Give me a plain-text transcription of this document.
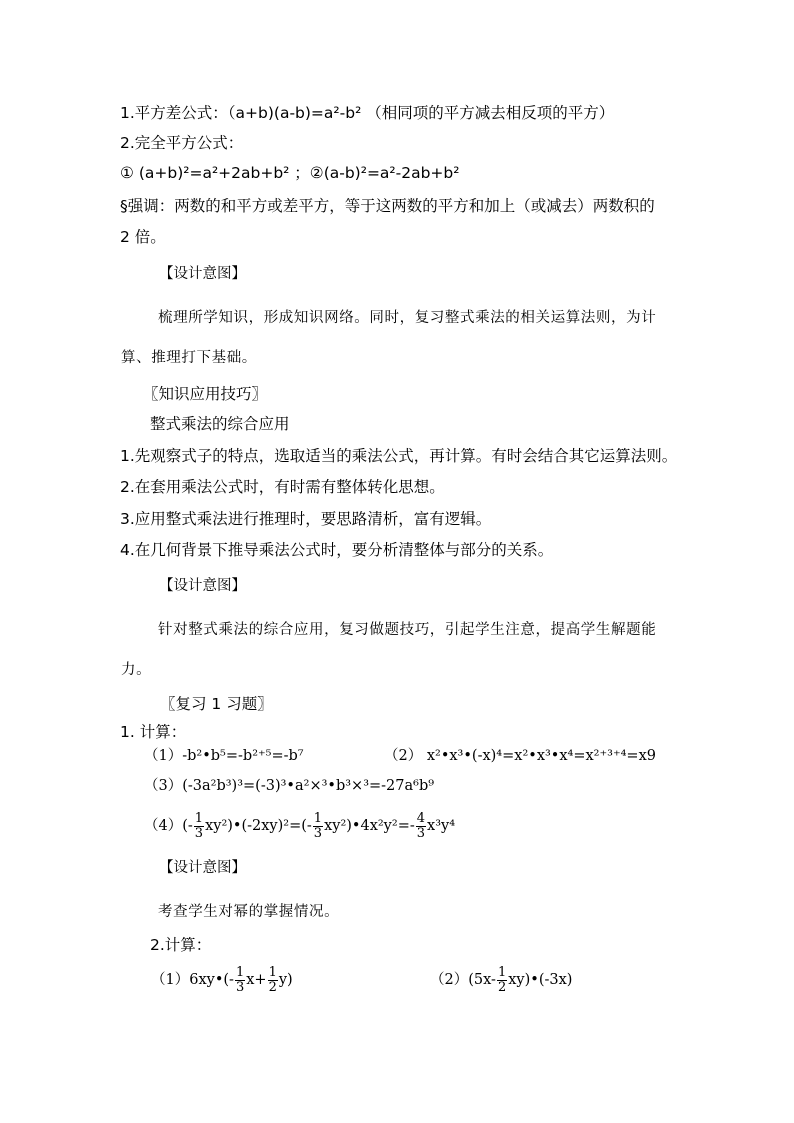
1.平方差公式：（a+b)(a-b)=a²-b² （相同项的平方减去相反项的平方）
2.完全平方公式：
① (a+b)²=a²+2ab+b² ；②(a-b)²=a²-2ab+b²
§强调：两数的和平方或差平方，等于这两数的平方和加上（或减去）两数积的
2 倍。
【设计意图】
梳理所学知识，形成知识网络。同时，复习整式乘法的相关运算法则，为计
算、推理打下基础。
〖知识应用技巧〗
整式乘法的综合应用
1.先观察式子的特点，选取适当的乘法公式，再计算。有时会结合其它运算法则。
2.在套用乘法公式时，有时需有整体转化思想。
3.应用整式乘法进行推理时，要思路清析，富有逻辑。
4.在几何背景下推导乘法公式时，要分析清整体与部分的关系。
【设计意图】
针对整式乘法的综合应用，复习做题技巧，引起学生注意，提高学生解题能
力。
〖复习 1 习题〗
1. 计算：
（1）-b²•b⁵=-b²⁺⁵=-b⁷	（2） x²•x³•(-x)⁴=x²•x³•x⁴=x²⁺³⁺⁴=x9
（3）(-3a²b³)³=(-3)³•a²×³•b³×³=-27a⁶b⁹
$(4)(- \frac{1}{3}$ xy²)•(-2xy)²=(- $\frac{1}{3}$ xy²)•4x²y²=- $\frac{4}{3} x^3y^4$
【设计意图】
考查学生对幂的掌握情况。
2.计算：
（1）6xy•(- $\frac{1}{3} x+ \frac{1}{2} y$)	$(2)(5x- \frac{1}{2}$ xy)•(-3x)
